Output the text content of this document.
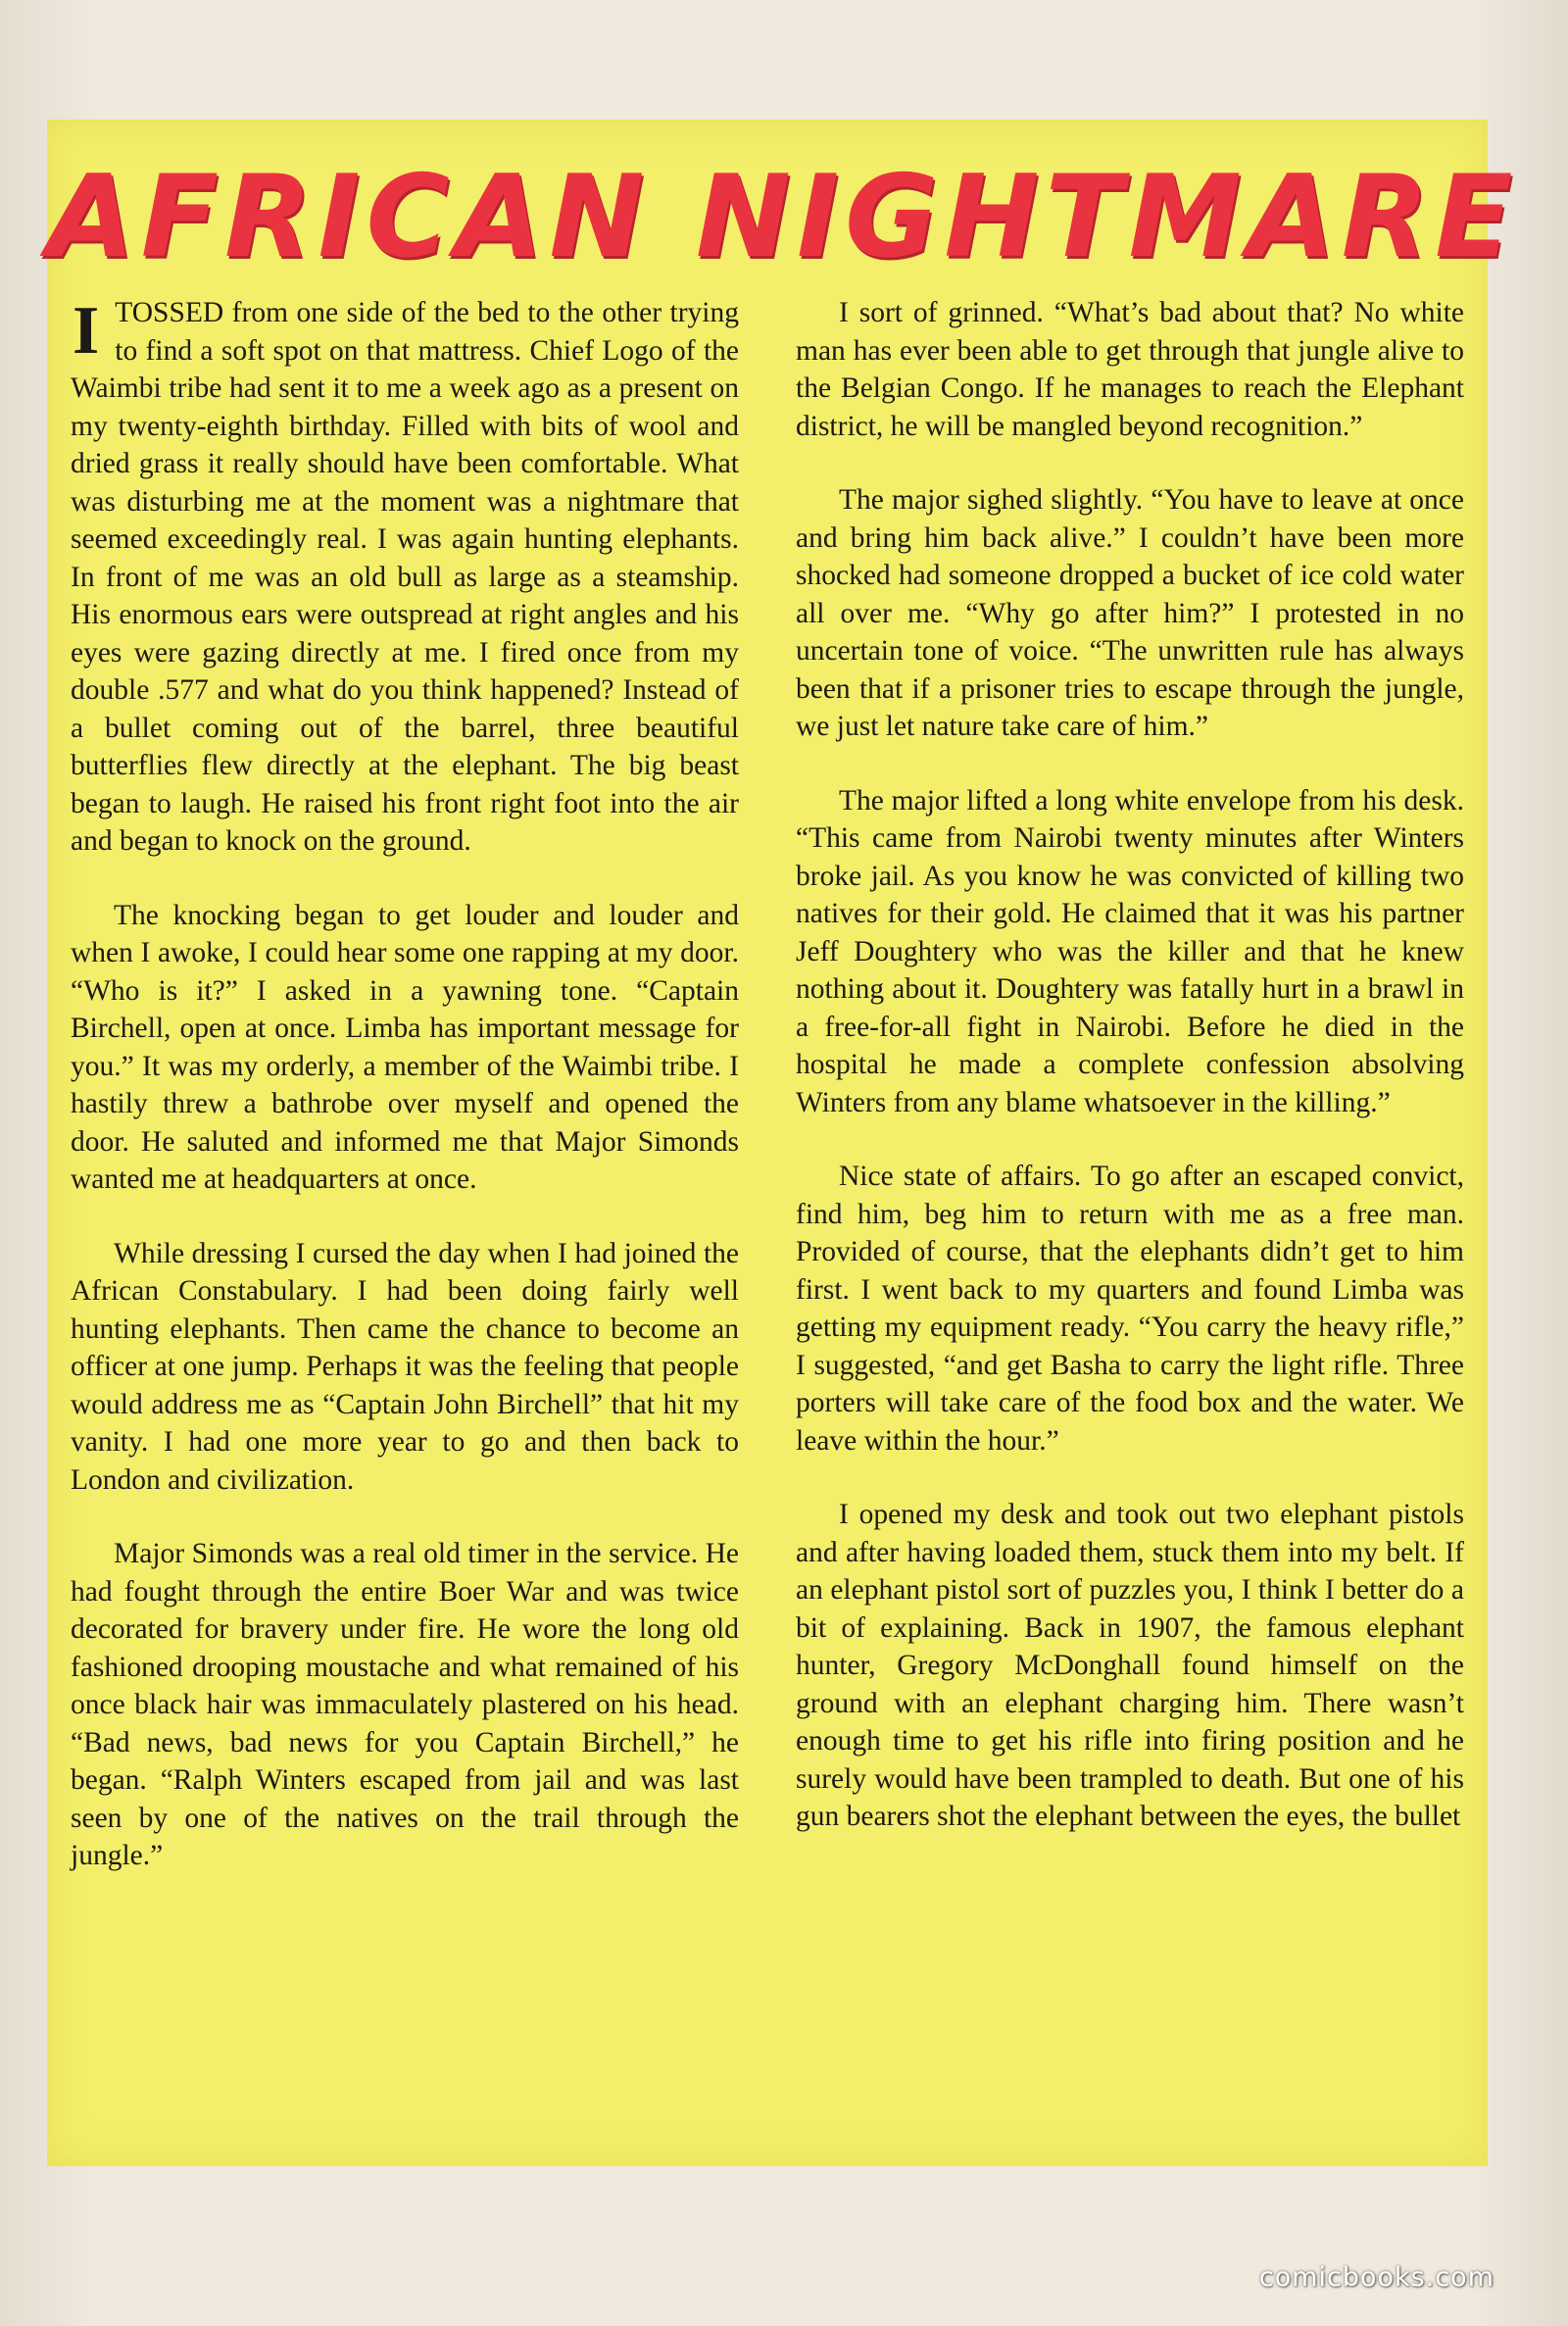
AFRICAN NIGHTMARE

ITOSSED from one side of the bed to the other trying to find a soft spot on that mattress. Chief Logo of the Waimbi tribe had sent it to me a week ago as a present on my twenty-eighth birthday. Filled with bits of wool and dried grass it really should have been comfortable. What was disturbing me at the moment was a nightmare that seemed exceedingly real. I was again hunting elephants. In front of me was an old bull as large as a steamship. His enormous ears were outspread at right angles and his eyes were gazing directly at me. I fired once from my double .577 and what do you think happened? Instead of a bullet coming out of the barrel, three beautiful butterflies flew directly at the elephant. The big beast began to laugh. He raised his front right foot into the air and began to knock on the ground.

The knocking began to get louder and louder and when I awoke, I could hear some one rapping at my door. “Who is it?” I asked in a yawning tone. “Captain Birchell, open at once. Limba has important message for you.” It was my orderly, a member of the Waimbi tribe. I hastily threw a bathrobe over myself and opened the door. He saluted and informed me that Major Simonds wanted me at headquarters at once.

While dressing I cursed the day when I had joined the African Constabulary. I had been doing fairly well hunting elephants. Then came the chance to become an officer at one jump. Perhaps it was the feeling that people would address me as “Captain John Birchell” that hit my vanity. I had one more year to go and then back to London and civilization.

Major Simonds was a real old timer in the service. He had fought through the entire Boer War and was twice decorated for bravery under fire. He wore the long old fashioned drooping moustache and what remained of his once black hair was immaculately plastered on his head. “Bad news, bad news for you Captain Birchell,” he began. “Ralph Winters escaped from jail and was last seen by one of the natives on the trail through the jungle.”

I sort of grinned. “What’s bad about that? No white man has ever been able to get through that jungle alive to the Belgian Congo. If he manages to reach the Elephant district, he will be mangled beyond recognition.”

The major sighed slightly. “You have to leave at once and bring him back alive.” I couldn’t have been more shocked had someone dropped a bucket of ice cold water all over me. “Why go after him?” I protested in no uncertain tone of voice. “The unwritten rule has always been that if a prisoner tries to escape through the jungle, we just let nature take care of him.”

The major lifted a long white envelope from his desk. “This came from Nairobi twenty minutes after Winters broke jail. As you know he was convicted of killing two natives for their gold. He claimed that it was his partner Jeff Doughtery who was the killer and that he knew nothing about it. Doughtery was fatally hurt in a brawl in a free-for-all fight in Nairobi. Before he died in the hospital he made a complete confession absolving Winters from any blame whatsoever in the killing.”

Nice state of affairs. To go after an escaped convict, find him, beg him to return with me as a free man. Provided of course, that the elephants didn’t get to him first. I went back to my quarters and found Limba was getting my equipment ready. “You carry the heavy rifle,” I suggested, “and get Basha to carry the light rifle. Three porters will take care of the food box and the water. We leave within the hour.”

I opened my desk and took out two elephant pistols and after having loaded them, stuck them into my belt. If an elephant pistol sort of puzzles you, I think I better do a bit of explaining. Back in 1907, the famous elephant hunter, Gregory McDonghall found himself on the ground with an elephant charging him. There wasn’t enough time to get his rifle into firing position and he surely would have been trampled to death. But one of his gun bearers shot the elephant between the eyes, the bullet

comicbooks.com
